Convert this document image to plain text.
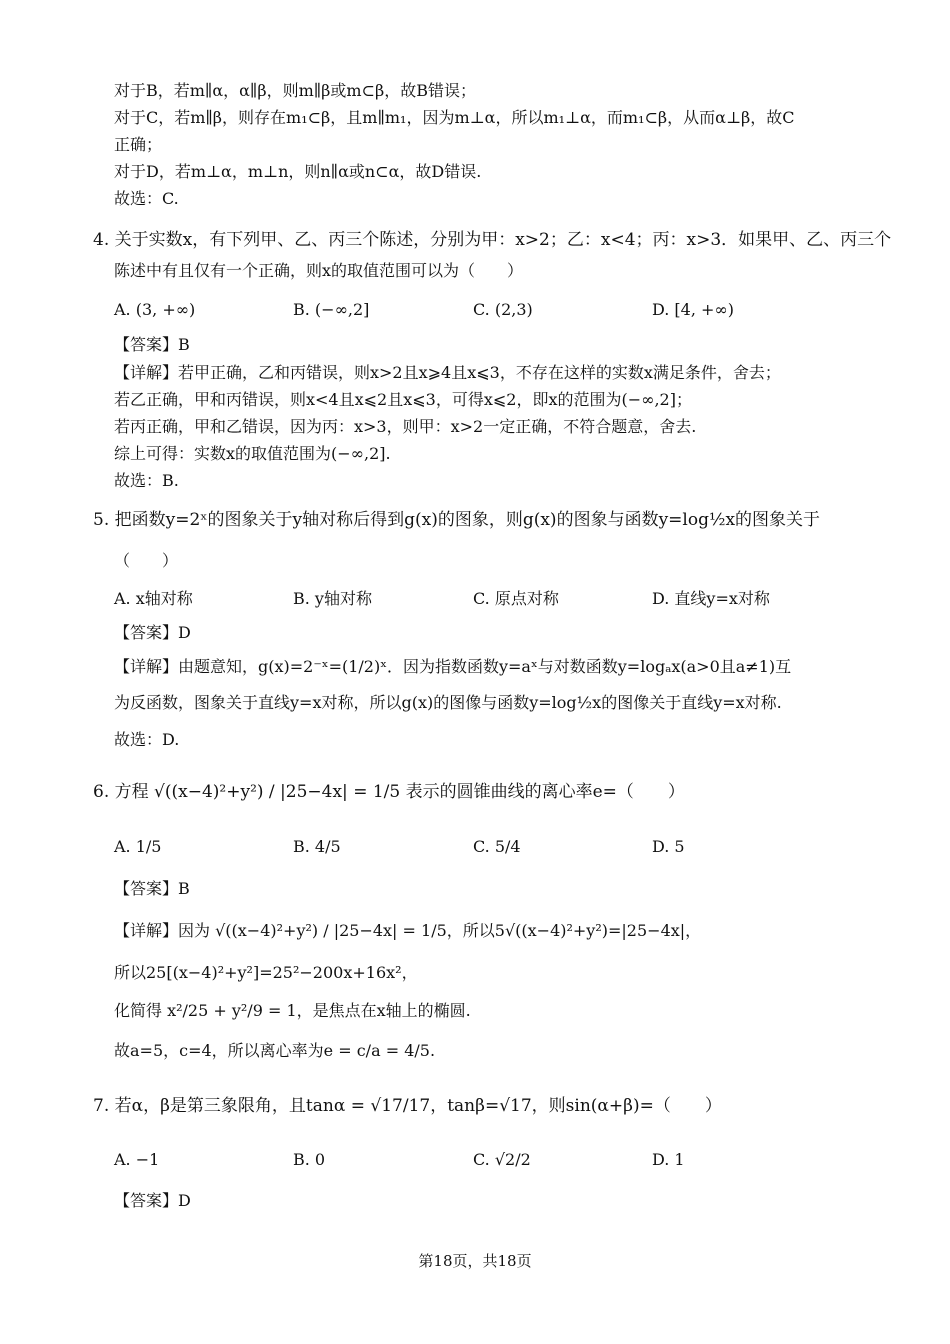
对于B，若m∥α，α∥β，则m∥β或m⊂β，故B错误；
对于C，若m∥β，则存在m₁⊂β，且m∥m₁，因为m⊥α，所以m₁⊥α，而m₁⊂β，从而α⊥β，故C
正确；
对于D，若m⊥α，m⊥n，则n∥α或n⊂α，故D错误.
故选：C.
4. 关于实数x，有下列甲、乙、丙三个陈述，分别为甲：x>2；乙：x<4；丙：x>3．如果甲、乙、丙三个
陈述中有且仅有一个正确，则x的取值范围可以为（　　）
A. (3, +∞)	B. (−∞,2]	C. (2,3)	D. [4, +∞)
【答案】B
【详解】若甲正确，乙和丙错误，则x>2且x⩾4且x⩽3，不存在这样的实数x满足条件，舍去；
若乙正确，甲和丙错误，则x<4且x⩽2且x⩽3，可得x⩽2，即x的范围为(−∞,2]；
若丙正确，甲和乙错误，因为丙：x>3，则甲：x>2一定正确，不符合题意，舍去.
综上可得：实数x的取值范围为(−∞,2].
故选：B.
5. 把函数y=2ˣ的图象关于y轴对称后得到g(x)的图象，则g(x)的图象与函数y=log½x的图象关于
（　　）
A. x轴对称	B. y轴对称	C. 原点对称	D. 直线y=x对称
【答案】D
【详解】由题意知，g(x)=2⁻ˣ=(1/2)ˣ．因为指数函数y=aˣ与对数函数y=logₐx(a>0且a≠1)互
为反函数，图象关于直线y=x对称，所以g(x)的图像与函数y=log½x的图像关于直线y=x对称.
故选：D.
6. 方程 √((x−4)²+y²) / |25−4x| = 1/5 表示的圆锥曲线的离心率e=（　　）
A. 1/5	B. 4/5	C. 5/4	D. 5
【答案】B
【详解】因为 √((x−4)²+y²) / |25−4x| = 1/5，所以5√((x−4)²+y²)=|25−4x|，
所以25[(x−4)²+y²]=25²−200x+16x²，
化简得 x²/25 + y²/9 = 1，是焦点在x轴上的椭圆.
故a=5，c=4，所以离心率为e = c/a = 4/5.
7. 若α，β是第三象限角，且tanα = √17/17，tanβ=√17，则sin(α+β)=（　　）
A. −1	B. 0	C. √2/2	D. 1
【答案】D
第18页，共18页
